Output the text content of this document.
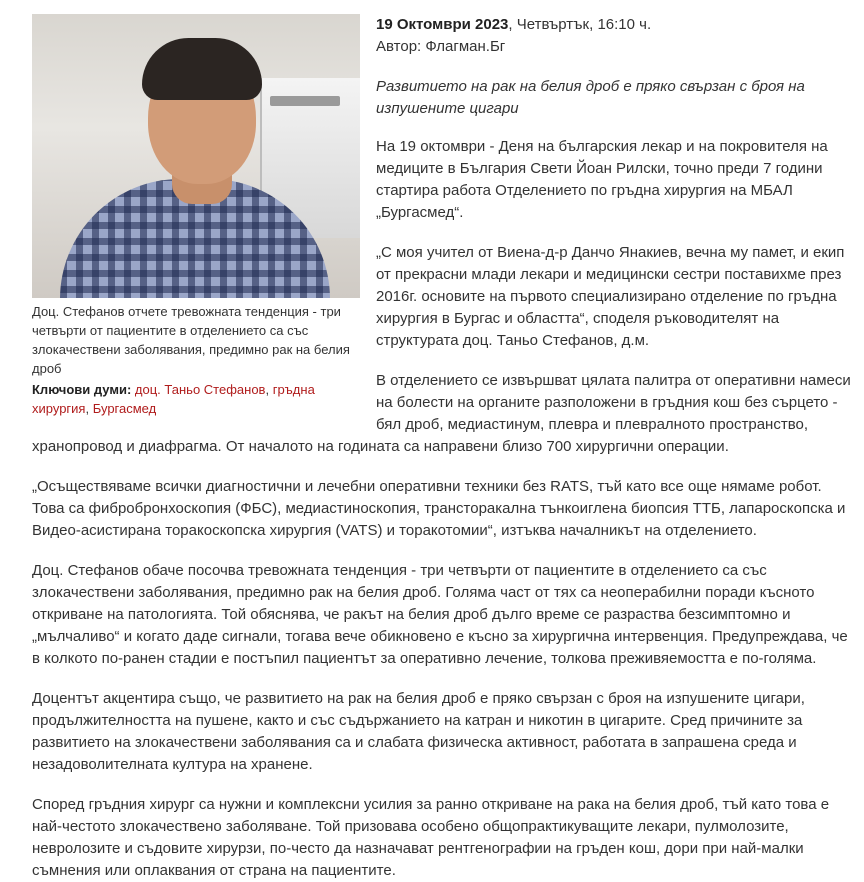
Доц. Стефанов отчете тревожната тенденция - три четвърти от пациентите в отделението са със злокачествени заболявания, предимно рак на белия дроб
Ключови думи: доц. Таньо Стефанов, гръдна хирургия, Бургасмед

19 Октомври 2023, Четвъртък, 16:10 ч.
Автор: Флагман.Бг

Развитието на рак на белия дроб е пряко свързан с броя на изпушените цигари

На 19 октомври - Деня на българския лекар и на покровителя на медиците в България Свети Йоан Рилски, точно преди 7 години стартира работа Отделението по гръдна хирургия на МБАЛ „Бургасмед“.

„С моя учител от Виена-д-р Данчо Янакиев, вечна му памет, и екип от прекрасни млади лекари и медицински сестри поставихме през 2016г. основите на първото специализирано отделение по гръдна хирургия в Бургас и областта“, споделя ръководителят на структурата доц. Таньо Стефанов, д.м.

В отделението се извършват цялата палитра от оперативни намеси на болести на органите разположени в гръдния кош без сърцето - бял дроб, медиастинум, плевра и плевралното пространство, хранопровод и диафрагма. От началото на годината са направени близо 700 хирургични операции.

„Осъществяваме всички диагностични и лечебни оперативни техники без RATS, тъй като все още нямаме робот. Това са фибробронхоскопия (ФБС), медиастиноскопия, трансторакална тънкоиглена биопсия ТТБ, лапароскопска и Видео-асистирана торакоскопска хирургия (VATS) и торакотомии“, изтъква началникът на отделението.

Доц. Стефанов обаче посочва тревожната тенденция - три четвърти от пациентите в отделението са със злокачествени заболявания, предимно рак на белия дроб. Голяма част от тях са неоперабилни поради късното откриване на патологията. Той обяснява, че ракът на белия дроб дълго време се разраства безсимптомно и „мълчаливо“ и когато даде сигнали, тогава вече обикновено е късно за хирургична интервенция. Предупреждава, че в колкото по-ранен стадии е постъпил пациентът за оперативно лечение, толкова преживяемостта е по-голяма.

Доцентът акцентира също, че развитието на рак на белия дроб е пряко свързан с броя на изпушените цигари, продължителността на пушене, както и със съдържанието на катран и никотин в цигарите. Сред причините за развитието на злокачествени заболявания са и слабата физическа активност, работата в запрашена среда и незадоволителната култура на хранене.

Според гръдния хирург са нужни и комплексни усилия за ранно откриване на рака на белия дроб, тъй като това е най-честото злокачествено заболяване. Той призовава особено общопрактикуващите лекари, пулмолозите, невролозите и съдовите хирурзи, по-често да назначават рентгенографии на гръден кош, дори при най-малки съмнения или оплаквания от страна на пациентите.
